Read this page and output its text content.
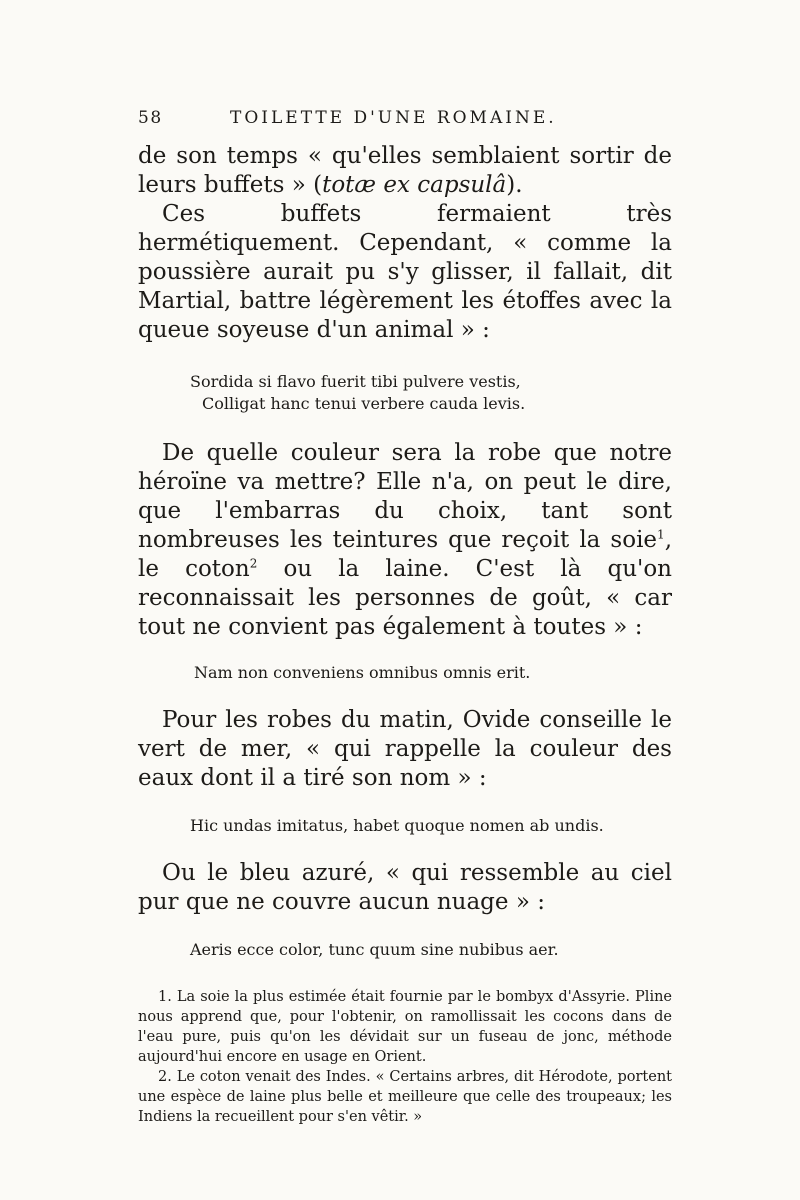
58	TOILETTE D'UNE ROMAINE.

de son temps « qu'elles semblaient sortir de leurs buffets » (totæ ex capsulâ).

Ces buffets fermaient très hermétiquement. Cependant, « comme la poussière aurait pu s'y glisser, il fallait, dit Martial, battre légèrement les étoffes avec la queue soyeuse d'un animal » :

Sordida si flavo fuerit tibi pulvere vestis,
Colligat hanc tenui verbere cauda levis.

De quelle couleur sera la robe que notre héroïne va mettre? Elle n'a, on peut le dire, que l'embarras du choix, tant sont nombreuses les teintures que reçoit la soie$^1$, le coton$^2$ ou la laine. C'est là qu'on reconnaissait les personnes de goût, « car tout ne convient pas également à toutes » :

Nam non conveniens omnibus omnis erit.

Pour les robes du matin, Ovide conseille le vert de mer, « qui rappelle la couleur des eaux dont il a tiré son nom » :

Hic undas imitatus, habet quoque nomen ab undis.

Ou le bleu azuré, « qui ressemble au ciel pur que ne couvre aucun nuage » :

Aeris ecce color, tunc quum sine nubibus aer.

1. La soie la plus estimée était fournie par le bombyx d'Assyrie. Pline nous apprend que, pour l'obtenir, on ramollissait les cocons dans de l'eau pure, puis qu'on les dévidait sur un fuseau de jonc, méthode aujourd'hui encore en usage en Orient.

2. Le coton venait des Indes. « Certains arbres, dit Hérodote, portent une espèce de laine plus belle et meilleure que celle des troupeaux; les Indiens la recueillent pour s'en vêtir. »
